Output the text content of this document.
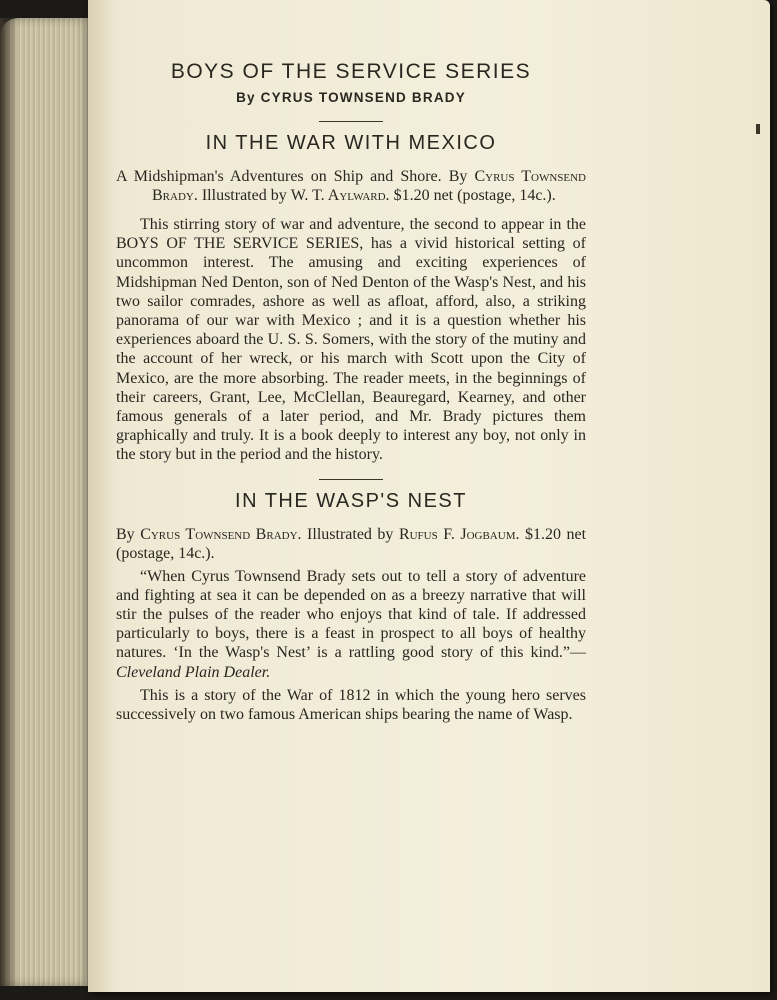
BOYS OF THE SERVICE SERIES

By CYRUS TOWNSEND BRADY

IN THE WAR WITH MEXICO

A Midshipman's Adventures on Ship and Shore. By Cyrus Townsend Brady. Illustrated by W. T. Aylward. $1.20 net (postage, 14c.).

This stirring story of war and adventure, the second to appear in the BOYS OF THE SERVICE SERIES, has a vivid historical setting of uncommon interest. The amusing and exciting experiences of Midshipman Ned Denton, son of Ned Denton of the Wasp's Nest, and his two sailor comrades, ashore as well as afloat, afford, also, a striking panorama of our war with Mexico ; and it is a question whether his experiences aboard the U. S. S. Somers, with the story of the mutiny and the account of her wreck, or his march with Scott upon the City of Mexico, are the more absorbing. The reader meets, in the beginnings of their careers, Grant, Lee, McClellan, Beauregard, Kearney, and other famous generals of a later period, and Mr. Brady pictures them graphically and truly. It is a book deeply to interest any boy, not only in the story but in the period and the history.

IN THE WASP'S NEST

By Cyrus Townsend Brady. Illustrated by Rufus F. Jogbaum. $1.20 net (postage, 14c.).

“When Cyrus Townsend Brady sets out to tell a story of adventure and fighting at sea it can be depended on as a breezy narrative that will stir the pulses of the reader who enjoys that kind of tale. If addressed particularly to boys, there is a feast in prospect to all boys of healthy natures. ‘In the Wasp's Nest’ is a rattling good story of this kind.”—Cleveland Plain Dealer.

This is a story of the War of 1812 in which the young hero serves successively on two famous American ships bearing the name of Wasp.
